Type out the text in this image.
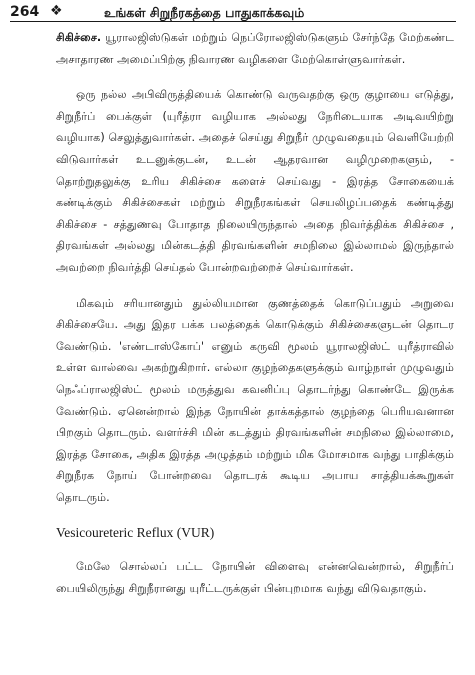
264 ❖	உங்கள் சிறுநீரகத்தை பாதுகாக்கவும்

சிகிச்சை. யூராலஜிஸ்டுகள் மற்றும் நெப்ரோலஜிஸ்டுகளும் சேர்ந்தே மேற்கண்ட அசாதாரண அமைப்பிற்கு நிவாரண வழிகளை மேற்கொள்ளுவார்கள்.

ஒரு நல்ல அபிவிருத்தியைக் கொண்டு வருவதற்கு ஒரு குழாயை எடுத்து, சிறுநீர்ப் பைக்குள் (யுரீத்ரா வழியாக அல்லது நேரிடையாக அடிவயிற்று வழியாக) செலுத்துவார்கள். அதைச் செய்து சிறுநீர் முழுவதையும் வெளியேற்றி விடுவார்கள் உடனுக்குடன், உடன் ஆதரவான வழிமுறைகளும், - தொற்றுதலுக்கு உரிய சிகிச்சை களைச் செய்வது - இரத்த சோகையைக் கண்டிக்கும் சிகிச்சைகள் மற்றும் சிறுநீரகங்கள் செயலிழப்பதைக் கண்டித்து சிகிச்சை - சத்துணவு போதாத நிலையிருந்தால் அதை நிவர்த்திக்க சிகிச்சை , திரவங்கள் அல்லது மின்கடத்தி திரவங்களின் சமநிலை இல்லாமல் இருந்தால் அவற்றை நிவர்த்தி செய்தல் போன்றவற்றைச் செய்வார்கள்.

மிகவும் சரியானதும் துல்லியமான குணத்தைக் கொடுப்பதும் அறுவை சிகிச்சையே. அது இதர பக்க பலத்தைக் கொடுக்கும் சிகிச்சைகளுடன் தொடர வேண்டும். 'எண்டாஸ்கோப்' எனும் கருவி மூலம் யூராலஜிஸ்ட் யுரீத்ராவில் உள்ள வால்வை அகற்றுகிறார். எல்லா குழந்தைகளுக்கும் வாழ்நாள் முழுவதும் நெஃப்ராலஜிஸ்ட் மூலம் மருத்துவ கவனிப்பு தொடர்ந்து கொண்டே இருக்க வேண்டும். ஏனென்றால் இந்த நோயின் தாக்கத்தால் குழந்தை பெரியவனான பிறகும் தொடரும். வளர்ச்சி மின் கடத்தும் திரவங்களின் சமநிலை இல்லாமை, இரத்த சோகை, அதிக இரத்த அழுத்தம் மற்றும் மிக மோசமாக வந்து பாதிக்கும் சிறுநீரக நோய் போன்றவை தொடரக் கூடிய அபாய சாத்தியக்கூறுகள் தொடரும்.

Vesicoureteric Reflux (VUR)

மேலே சொல்லப் பட்ட நோயின் விளைவு என்னவென்றால், சிறுநீர்ப் பையிலிருந்து சிறுநீரானது யுரீட்டருக்குள் பின்புறமாக வந்து விடுவதாகும்.
